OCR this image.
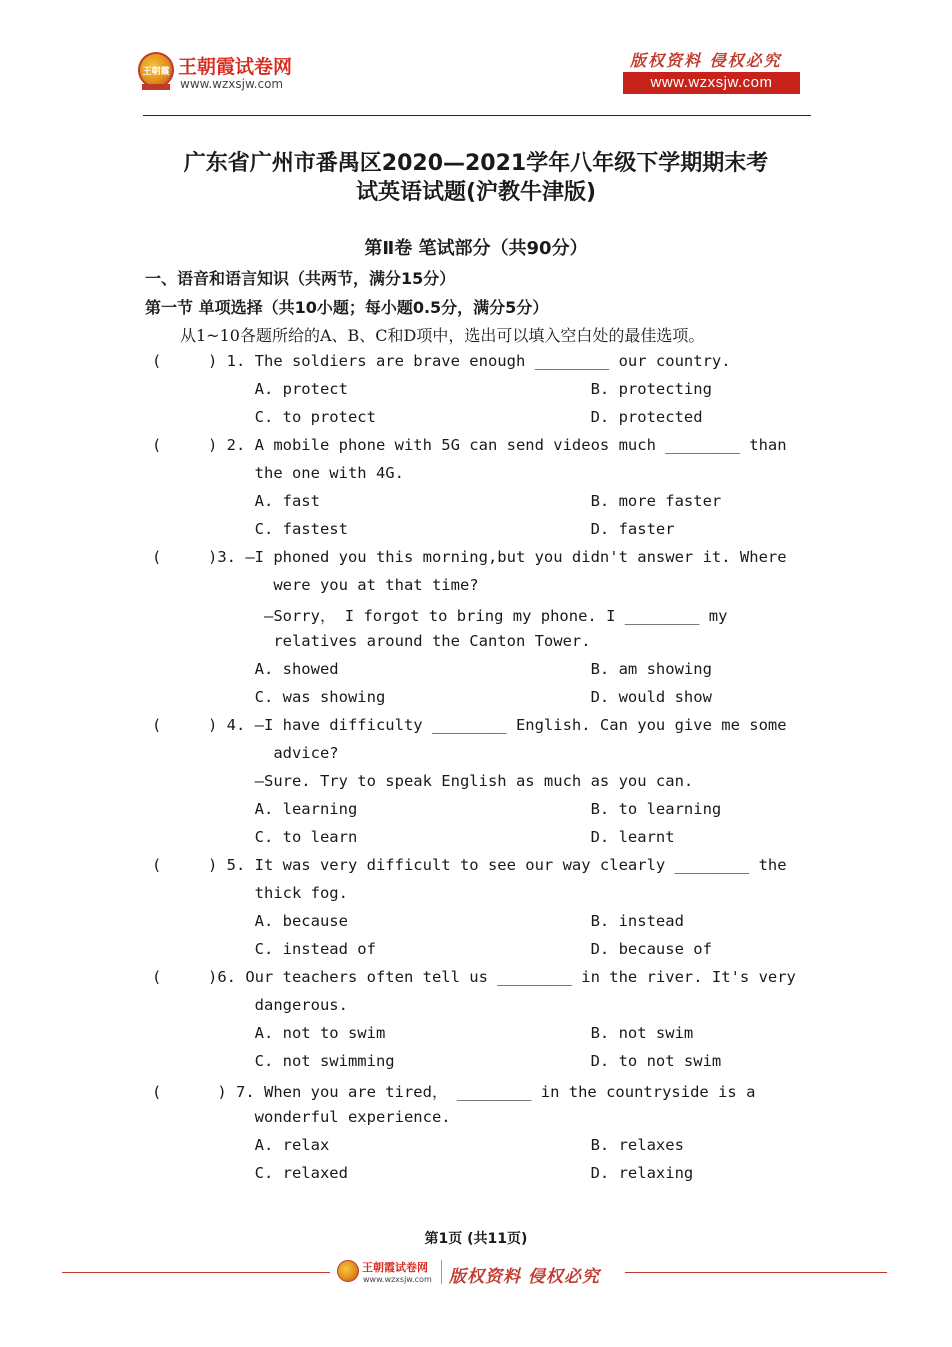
王朝霞 王朝霞试卷网
www.wzxsjw.com
版权资料 侵权必究
www.wzxsjw.com
广东省广州市番禺区2020—2021学年八年级下学期期末考
试英语试题(沪教牛津版)
第Ⅱ卷 笔试部分（共90分）
一、语音和语言知识（共两节，满分15分）
第一节 单项选择（共10小题；每小题0.5分，满分5分）
从1~10各题所给的A、B、C和D项中，选出可以填入空白处的最佳选项。
(     ) 1. The soldiers are brave enough ________ our country.
A. protect                          B. protecting
C. to protect                       D. protected
(     ) 2. A mobile phone with 5G can send videos much ________ than
the one with 4G.
A. fast                             B. more faster
C. fastest                          D. faster
(     )3. —I phoned you this morning,but you didn't answer it. Where
were you at that time?
—Sorry， I forgot to bring my phone. I ________ my
relatives around the Canton Tower.
A. showed                           B. am showing
C. was showing                      D. would show
(     ) 4. —I have difficulty ________ English. Can you give me some
advice?
—Sure. Try to speak English as much as you can.
A. learning                         B. to learning
C. to learn                         D. learnt
(     ) 5. It was very difficult to see our way clearly ________ the
thick fog.
A. because                          B. instead
C. instead of                       D. because of
(     )6. Our teachers often tell us ________ in the river. It's very
dangerous.
A. not to swim                      B. not swim
C. not swimming                     D. to not swim
(      ) 7. When you are tired， ________ in the countryside is a
wonderful experience.
A. relax                            B. relaxes
C. relaxed                          D. relaxing
第1页 (共11页)
王朝霞试卷网
www.wzxsjw.com 版权资料 侵权必究
